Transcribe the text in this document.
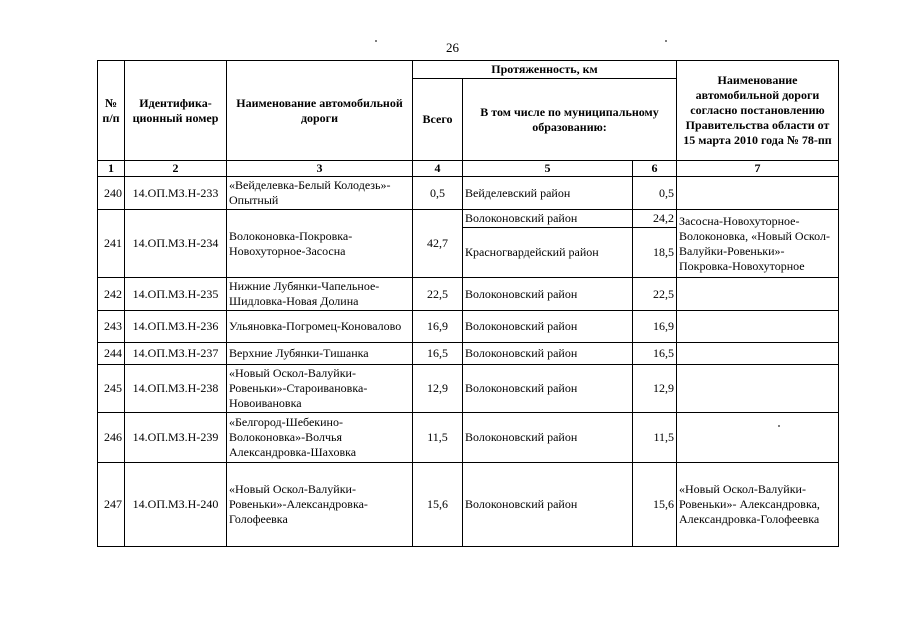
26
№ п/п	Идентифика-ционный номер	Наименование автомобильной дороги	Протяженность, км			Наименование автомобильной дороги согласно постановлению Правительства области от 15 марта 2010 года № 78-пп
			Всего	В том числе по муниципальному образованию:		
1	2	3	4	5	6	7
240	14.ОП.МЗ.Н-233	«Вейделевка-Белый Колодезь»-Опытный	0,5	Вейделевский район	0,5	
241	14.ОП.МЗ.Н-234	Волоконовка-Покровка-Новохуторное-Засосна	42,7	Волоконовский район	24,2	Засосна-Новохуторное-Волоконовка, «Новый Оскол-Валуйки-Ровеньки»-Покровка-Новохуторное
				Красногвардейский район	18,5	
242	14.ОП.МЗ.Н-235	Нижние Лубянки-Чапельное-Шидловка-Новая Долина	22,5	Волоконовский район	22,5	
243	14.ОП.МЗ.Н-236	Ульяновка-Погромец-Коновалово	16,9	Волоконовский район	16,9	
244	14.ОП.МЗ.Н-237	Верхние Лубянки-Тишанка	16,5	Волоконовский район	16,5	
245	14.ОП.МЗ.Н-238	«Новый Оскол-Валуйки-Ровеньки»-Староивановка-Новоивановка	12,9	Волоконовский район	12,9	
246	14.ОП.МЗ.Н-239	«Белгород-Шебекино-Волоконовка»-Волчья Александровка-Шаховка	11,5	Волоконовский район	11,5	
247	14.ОП.МЗ.Н-240	«Новый Оскол-Валуйки-Ровеньки»-Александровка-Голофеевка	15,6	Волоконовский район	15,6	«Новый Оскол-Валуйки-Ровеньки»- Александровка, Александровка-Голофеевка
